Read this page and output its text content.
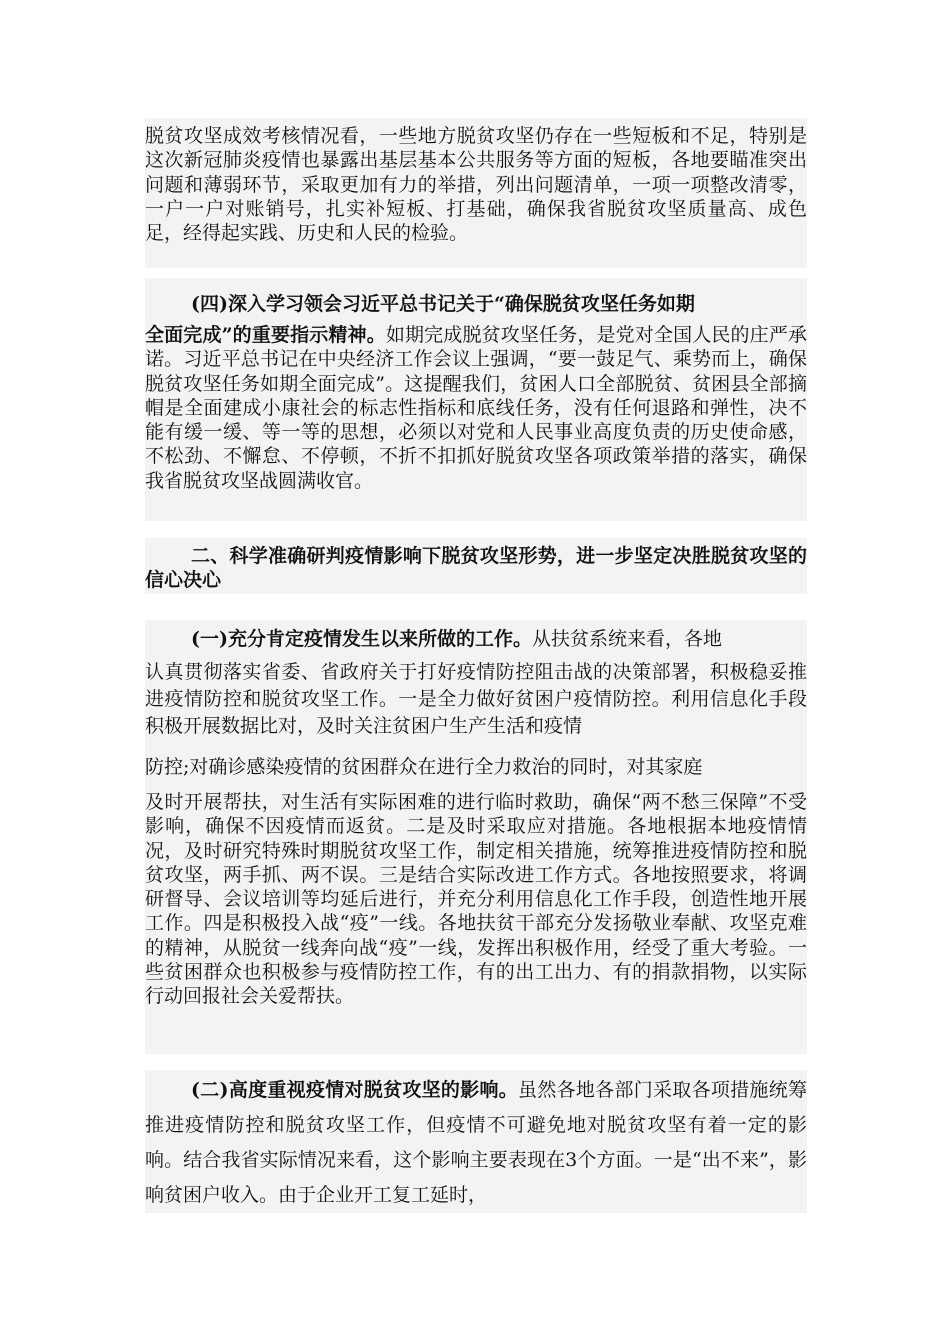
脱贫攻坚成效考核情况看，一些地方脱贫攻坚仍存在一些短板和不足，特别是这次新冠肺炎疫情也暴露出基层基本公共服务等方面的短板，各地要瞄准突出问题和薄弱环节，采取更加有力的举措，列出问题清单，一项一项整改清零，一户一户对账销号，扎实补短板、打基础，确保我省脱贫攻坚质量高、成色足，经得起实践、历史和人民的检验。

(四)深入学习领会习近平总书记关于“确保脱贫攻坚任务如期

全面完成”的重要指示精神。如期完成脱贫攻坚任务，是党对全国人民的庄严承诺。习近平总书记在中央经济工作会议上强调，“要一鼓足气、乘势而上，确保脱贫攻坚任务如期全面完成”。这提醒我们，贫困人口全部脱贫、贫困县全部摘帽是全面建成小康社会的标志性指标和底线任务，没有任何退路和弹性，决不能有缓一缓、等一等的思想，必须以对党和人民事业高度负责的历史使命感，不松劲、不懈怠、不停顿，不折不扣抓好脱贫攻坚各项政策举措的落实，确保我省脱贫攻坚战圆满收官。

二、科学准确研判疫情影响下脱贫攻坚形势，进一步坚定决胜脱贫攻坚的信心决心

(一)充分肯定疫情发生以来所做的工作。从扶贫系统来看，各地

认真贯彻落实省委、省政府关于打好疫情防控阻击战的决策部署，积极稳妥推进疫情防控和脱贫攻坚工作。一是全力做好贫困户疫情防控。利用信息化手段积极开展数据比对，及时关注贫困户生产生活和疫情

防控;对确诊感染疫情的贫困群众在进行全力救治的同时，对其家庭

及时开展帮扶，对生活有实际困难的进行临时救助，确保“两不愁三保障”不受影响，确保不因疫情而返贫。二是及时采取应对措施。各地根据本地疫情情况，及时研究特殊时期脱贫攻坚工作，制定相关措施，统筹推进疫情防控和脱贫攻坚，两手抓、两不误。三是结合实际改进工作方式。各地按照要求，将调研督导、会议培训等均延后进行，并充分利用信息化工作手段，创造性地开展工作。四是积极投入战“疫”一线。各地扶贫干部充分发扬敬业奉献、攻坚克难的精神，从脱贫一线奔向战“疫”一线，发挥出积极作用，经受了重大考验。一些贫困群众也积极参与疫情防控工作，有的出工出力、有的捐款捐物，以实际行动回报社会关爱帮扶。

(二)高度重视疫情对脱贫攻坚的影响。虽然各地各部门采取各项措施统筹推进疫情防控和脱贫攻坚工作，但疫情不可避免地对脱贫攻坚有着一定的影响。结合我省实际情况来看，这个影响主要表现在3个方面。一是“出不来”，影响贫困户收入。由于企业开工复工延时，
